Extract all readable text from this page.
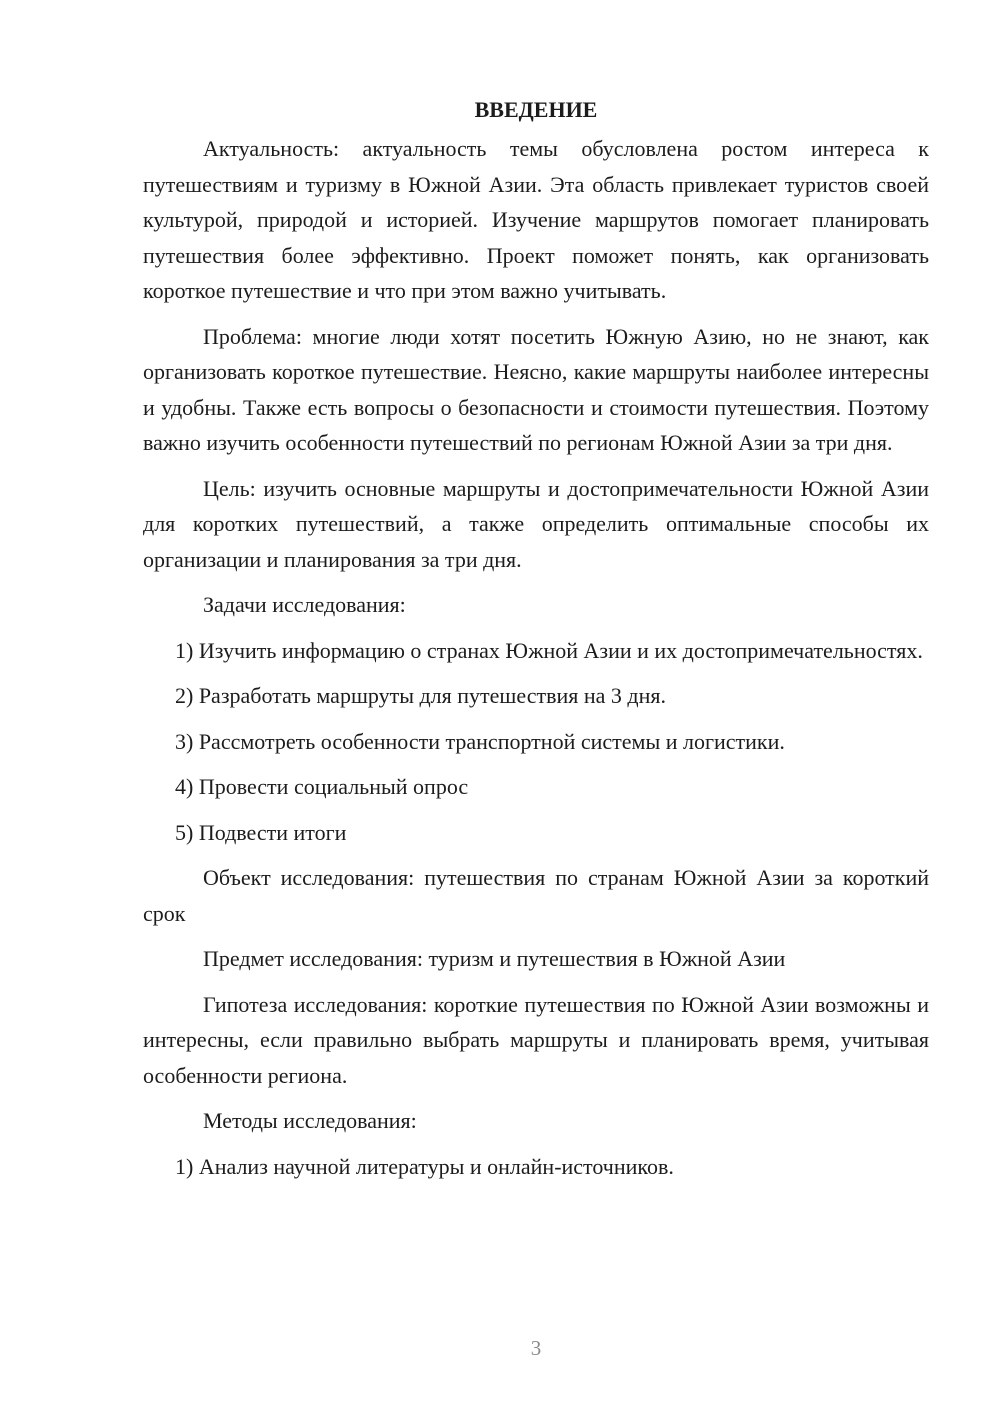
ВВЕДЕНИЕ

Актуальность: актуальность темы обусловлена ростом интереса к путешествиям и туризму в Южной Азии. Эта область привлекает туристов своей культурой, природой и историей. Изучение маршрутов помогает планировать путешествия более эффективно. Проект поможет понять, как организовать короткое путешествие и что при этом важно учитывать.

Проблема: многие люди хотят посетить Южную Азию, но не знают, как организовать короткое путешествие. Неясно, какие маршруты наиболее интересны и удобны. Также есть вопросы о безопасности и стоимости путешествия. Поэтому важно изучить особенности путешествий по регионам Южной Азии за три дня.

Цель: изучить основные маршруты и достопримечательности Южной Азии для коротких путешествий, а также определить оптимальные способы их организации и планирования за три дня.

Задачи исследования:

1) Изучить информацию о странах Южной Азии и их достопримечательностях.

2) Разработать маршруты для путешествия на 3 дня.

3) Рассмотреть особенности транспортной системы и логистики.

4) Провести социальный опрос

5) Подвести итоги

Объект исследования: путешествия по странам Южной Азии за короткий срок

Предмет исследования: туризм и путешествия в Южной Азии

Гипотеза исследования: короткие путешествия по Южной Азии возможны и интересны, если правильно выбрать маршруты и планировать время, учитывая особенности региона.

Методы исследования:

1) Анализ научной литературы и онлайн-источников.

3
